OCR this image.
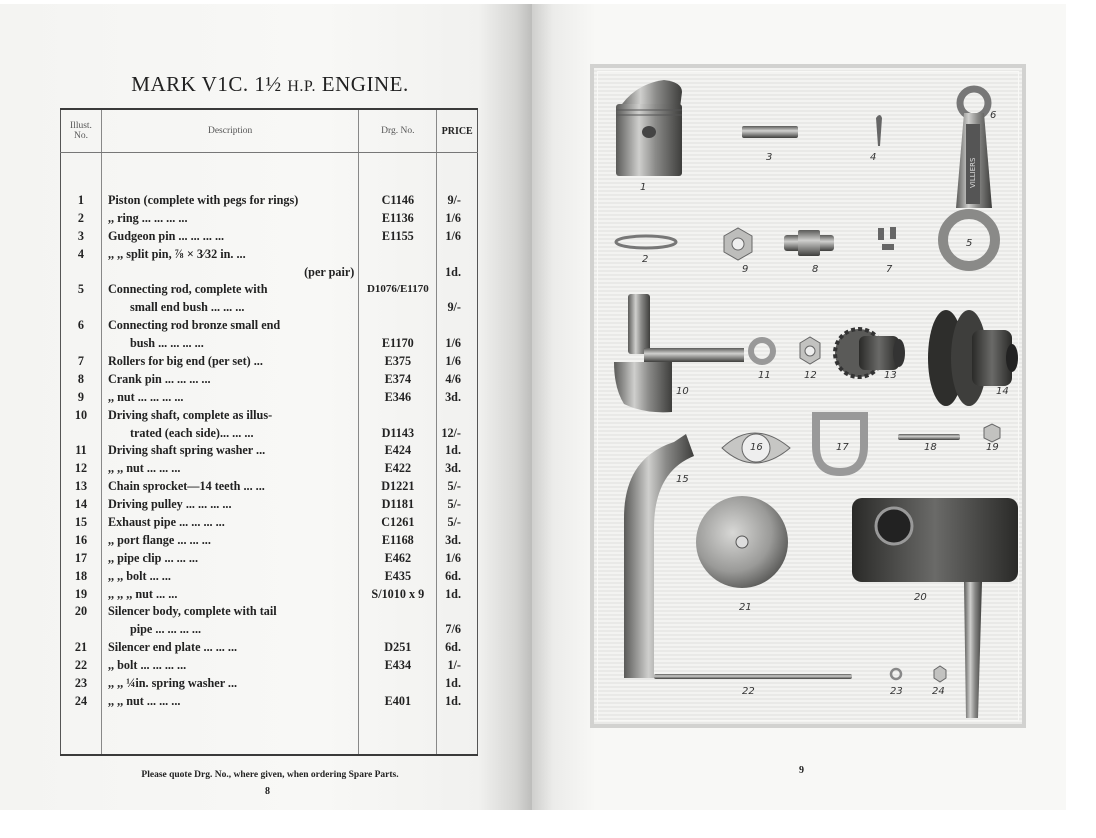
MARK V1C. 1½ H.P. ENGINE.
Illust. No.	Description	Drg. No.	PRICE

1	Piston (complete with pegs for rings)	C1146	9/-
2	,, ring ... ... ... ...	E1136	1/6
3	Gudgeon pin ... ... ... ...	E1155	1/6
4	,, ,, split pin, ⅞ × 3⁄32 in. ...		
	(per pair)		1d.
5	Connecting rod, complete with	D1076/E1170	
	small end bush ... ... ...		9/-
6	Connecting rod bronze small end		
	bush ... ... ... ...	E1170	1/6
7	Rollers for big end (per set) ...	E375	1/6
8	Crank pin ... ... ... ...	E374	4/6
9	,, nut ... ... ... ...	E346	3d.
10	Driving shaft, complete as illus-		
	trated (each side)... ... ...	D1143	12/-
11	Driving shaft spring washer ...	E424	1d.
12	,, ,, nut ... ... ...	E422	3d.
13	Chain sprocket—14 teeth ... ...	D1221	5/-
14	Driving pulley ... ... ... ...	D1181	5/-
15	Exhaust pipe ... ... ... ...	C1261	5/-
16	,, port flange ... ... ...	E1168	3d.
17	,, pipe clip ... ... ...	E462	1/6
18	,, ,, bolt ... ...	E435	6d.
19	,, ,, ,, nut ... ...	S/1010 x 9	1d.
20	Silencer body, complete with tail		
	pipe ... ... ... ...		7/6
21	Silencer end plate ... ... ...	D251	6d.
22	,, bolt ... ... ... ...	E434	1/-
23	,, ,, ¼in. spring washer ...		1d.
24	,, ,, nut ... ... ...	E401	1d.

Please quote Drg. No., where given, when ordering Spare Parts.
8
VILLIERS
1
2
3	4
5
6
7
8
9
10
11	12	13
14
15
16	17	18	19
20
21
22	23	24
9
